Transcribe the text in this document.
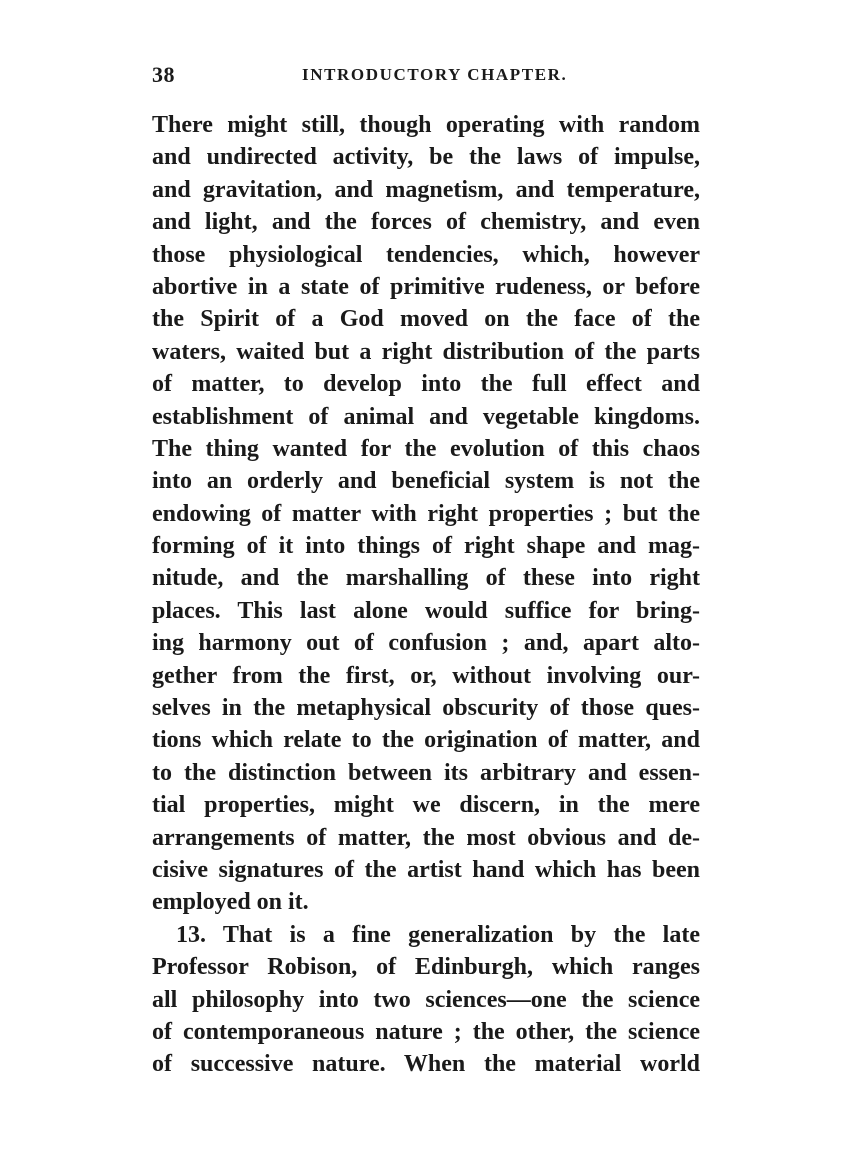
38	INTRODUCTORY CHAPTER.
There might still, though operating with random
and undirected activity, be the laws of impulse,
and gravitation, and magnetism, and temperature,
and light, and the forces of chemistry, and even
those physiological tendencies, which, however
abortive in a state of primitive rudeness, or before
the Spirit of a God moved on the face of the
waters, waited but a right distribution of the parts
of matter, to develop into the full effect and
establishment of animal and vegetable kingdoms.
The thing wanted for the evolution of this chaos
into an orderly and beneficial system is not the
endowing of matter with right properties ; but the
forming of it into things of right shape and mag-
nitude, and the marshalling of these into right
places. This last alone would suffice for bring-
ing harmony out of confusion ; and, apart alto-
gether from the first, or, without involving our-
selves in the metaphysical obscurity of those ques-
tions which relate to the origination of matter, and
to the distinction between its arbitrary and essen-
tial properties, might we discern, in the mere
arrangements of matter, the most obvious and de-
cisive signatures of the artist hand which has been
employed on it.
13. That is a fine generalization by the late
Professor Robison, of Edinburgh, which ranges
all philosophy into two sciences—one the science
of contemporaneous nature ; the other, the science
of successive nature. When the material world
